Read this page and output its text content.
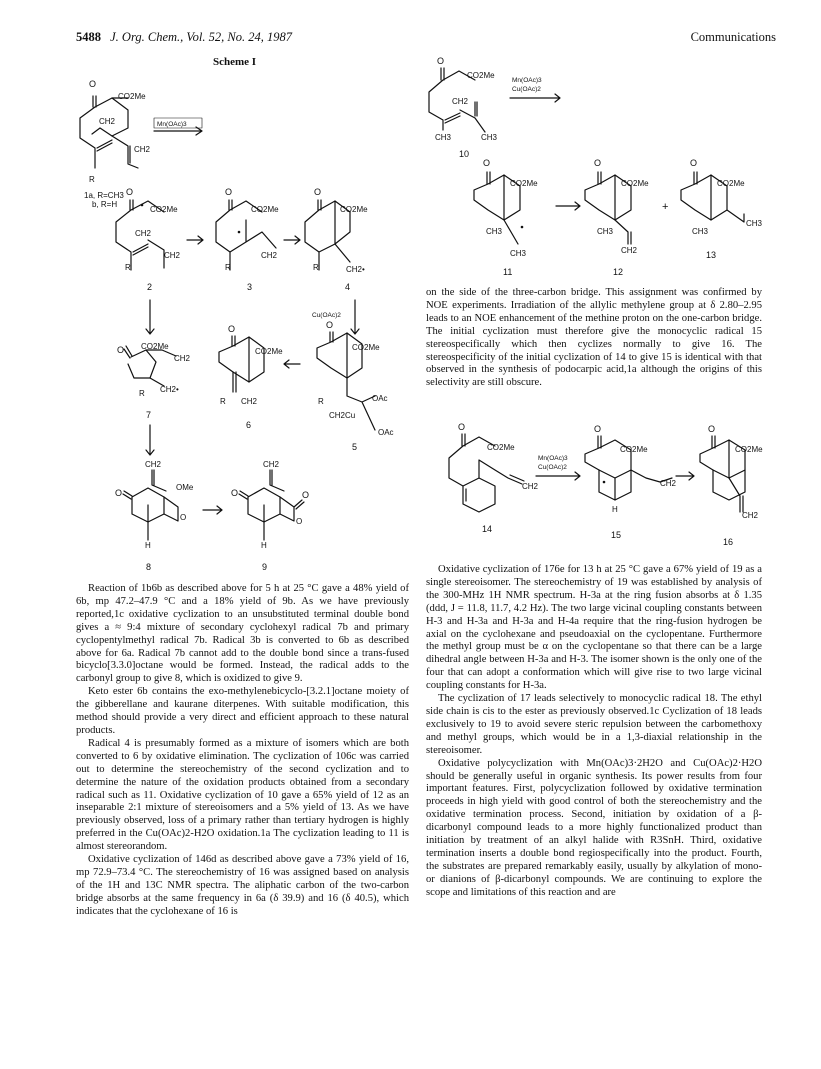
5488 J. Org. Chem., Vol. 52, No. 24, 1987	Communications
Scheme I
O
CO2Me
CH2
CH2
R
1a, R=CH3
b, R=H
Mn(OAc)3
O
CO2Me
CH2
CH2
R
2
O
CO2Me
CH2
R
3
O
CO2Me
CH2•
R
4
Cu(OAc)2
O CO2Me
CH2
CH2•
R
7
O
CO2Me
R CH2
6
O
CO2Me
R
CH2Cu
OAc
OAc
5
CH2
O
OMe
O
H
8
CH2
O	O
O
H
9
O
CO2Me
CH2
CH3	CH3
10
Mn(OAc)3
Cu(OAc)2
O
CO2Me
CH3
CH3
11
O
CO2Me
CH3
CH2
12
+
O
CO2Me
CH3
CH3
13
O
CO2Me
CH2
14
Mn(OAc)3
Cu(OAc)2
O
CO2Me
CH2
H
15
O
CO2Me
CH2
16

on the side of the three-carbon bridge. This assignment was confirmed by NOE experiments. Irradiation of the allylic methylene group at δ 2.80–2.95 leads to an NOE enhancement of the methine proton on the one-carbon bridge. The initial cyclization must therefore give the monocyclic radical 15 stereospecifically which then cyclizes normally to give 16. The stereospecificity of the initial cyclization of 14 to give 15 is identical with that observed in the synthesis of podocarpic acid,1a although the origins of this selectivity are still obscure.

Reaction of 1b6b as described above for 5 h at 25 °C gave a 48% yield of 6b, mp 47.2–47.9 °C and a 18% yield of 9b. As we have previously reported,1c oxidative cyclization to an unsubstituted terminal double bond gives a ≈ 9:4 mixture of secondary cyclohexyl radical 7b and primary cyclopentylmethyl radical 7b. Radical 3b is converted to 6b as described above for 6a. Radical 7b cannot add to the double bond since a trans-fused bicyclo[3.3.0]octane would be formed. Instead, the radical adds to the carbonyl group to give 8, which is oxidized to give 9.

Keto ester 6b contains the exo-methylenebicyclo-[3.2.1]octane moiety of the gibberellane and kaurane diterpenes. With suitable modification, this method should provide a very direct and efficient approach to these natural products.

Radical 4 is presumably formed as a mixture of isomers which are both converted to 6 by oxidative elimination. The cyclization of 106c was carried out to determine the stereochemistry of the second cyclization and to determine the nature of the oxidation products obtained from a secondary radical such as 11. Oxidative cyclization of 10 gave a 65% yield of 12 as an inseparable 2:1 mixture of stereoisomers and a 5% yield of 13. As we have previously observed, loss of a primary rather than tertiary hydrogen is highly preferred in the Cu(OAc)2-H2O oxidation.1a The cyclization leading to 11 is almost stereorandom.

Oxidative cyclization of 146d as described above gave a 73% yield of 16, mp 72.9–73.4 °C. The stereochemistry of 16 was assigned based on analysis of the 1H and 13C NMR spectra. The aliphatic carbon of the two-carbon bridge absorbs at the same frequency in 6a (δ 39.9) and 16 (δ 40.5), which indicates that the cyclohexane of 16 is

Oxidative cyclization of 176e for 13 h at 25 °C gave a 67% yield of 19 as a single stereoisomer. The stereochemistry of 19 was established by analysis of the 300-MHz 1H NMR spectrum. H-3a at the ring fusion absorbs at δ 1.35 (ddd, J = 11.8, 11.7, 4.2 Hz). The two large vicinal coupling constants between H-3 and H-3a and H-3a and H-4a require that the ring-fusion hydrogen be axial on the cyclohexane and pseudoaxial on the cyclopentane. Furthermore the methyl group must be α on the cyclopentane so that there can be a large dihedral angle between H-3a and H-3. The isomer shown is the only one of the four that can adopt a conformation which will give rise to two large vicinal coupling constants for H-3a.

The cyclization of 17 leads selectively to monocyclic radical 18. The ethyl side chain is cis to the ester as previously observed.1c Cyclization of 18 leads exclusively to 19 to avoid severe steric repulsion between the carbomethoxy and methyl groups, which would be in a 1,3-diaxial relationship in the stereoisomer.

Oxidative polycyclization with Mn(OAc)3·2H2O and Cu(OAc)2·H2O should be generally useful in organic synthesis. Its power results from four important features. First, polycyclization followed by oxidative termination proceeds in high yield with good control of both the stereochemistry and the oxidative termination process. Second, initiation by oxidation of a β-dicarbonyl compound leads to a more highly functionalized product than initiation by treatment of an alkyl halide with R3SnH. Third, oxidative termination inserts a double bond regiospecifically into the product. Fourth, the substrates are prepared remarkably easily, usually by alkylation of mono- or dianions of β-dicarbonyl compounds. We are continuing to explore the scope and limitations of this reaction and are
